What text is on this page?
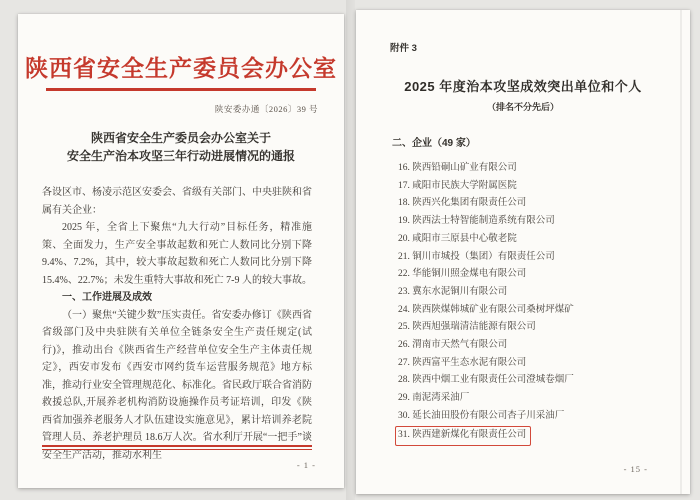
陕西省安全生产委员会办公室
陕安委办通〔2026〕39 号
陕西省安全生产委员会办公室关于
安全生产治本攻坚三年行动进展情况的通报

各设区市、杨凌示范区安委会、省级有关部门、中央驻陕和省属有关企业：

2025 年，全省上下聚焦“九大行动”目标任务，精准施策、全面发力，生产安全事故起数和死亡人数同比分别下降 9.4%、7.2%，其中，较大事故起数和死亡人数同比分别下降 15.4%、22.7%；未发生重特大事故和死亡 7-9 人的较大事故。

一、工作进展及成效

（一）聚焦“关键少数”压实责任。省安委办修订《陕西省省级部门及中央驻陕有关单位全链条安全生产责任规定(试行)》，推动出台《陕西省生产经营单位安全生产主体责任规定》，西安市发布《西安市网约货车运营服务规范》地方标准，推动行业安全管理规范化、标准化。省民政厅联合省消防救援总队,开展养老机构消防设施操作员考证培训，印发《陕西省加强养老服务人才队伍建设实施意见》，累计培训养老院管理人员、养老护理员 18.6万人次。省水利厅开展“一把手”谈安全生产活动，推动水利生

- 1 -
附件 3
2025 年度治本攻坚成效突出单位和个人
（排名不分先后）
二、企业（49 家）
16. 陕西铅硐山矿业有限公司
17. 咸阳市民族大学附属医院
18. 陕西兴化集团有限责任公司
19. 陕西法士特智能制造系统有限公司
20. 咸阳市三原县中心敬老院
21. 铜川市城投（集团）有限责任公司
22. 华能铜川照金煤电有限公司
23. 冀东水泥铜川有限公司
24. 陕西陕煤韩城矿业有限公司桑树坪煤矿
25. 陕西旭强瑞清洁能源有限公司
26. 渭南市天然气有限公司
27. 陕西富平生态水泥有限公司
28. 陕西中烟工业有限责任公司澄城卷烟厂
29. 南泥湾采油厂
30. 延长油田股份有限公司杏子川采油厂
31. 陕西建新煤化有限责任公司
- 15 -
